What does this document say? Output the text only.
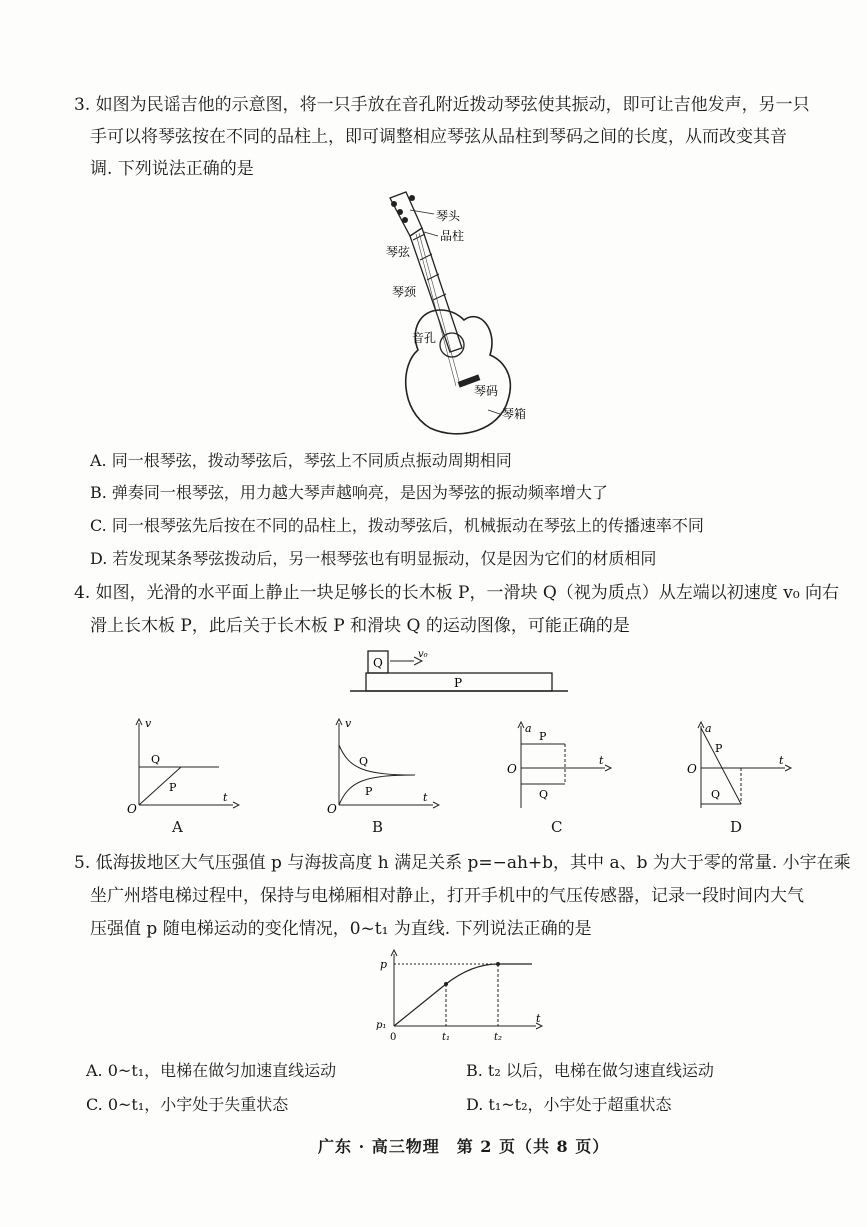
3. 如图为民谣吉他的示意图，将一只手放在音孔附近拨动琴弦使其振动，即可让吉他发声，另一只
手可以将琴弦按在不同的品柱上，即可调整相应琴弦从品柱到琴码之间的长度，从而改变其音
调. 下列说法正确的是
琴头
品柱
琴弦
琴颈
音孔
琴码
琴箱
A. 同一根琴弦，拨动琴弦后，琴弦上不同质点振动周期相同
B. 弹奏同一根琴弦，用力越大琴声越响亮，是因为琴弦的振动频率增大了
C. 同一根琴弦先后按在不同的品柱上，拨动琴弦后，机械振动在琴弦上的传播速率不同
D. 若发现某条琴弦拨动后，另一根琴弦也有明显振动，仅是因为它们的材质相同
4. 如图，光滑的水平面上静止一块足够长的长木板 P，一滑块 Q（视为质点）从左端以初速度 v₀ 向右
滑上长木板 P，此后关于长木板 P 和滑块 Q 的运动图像，可能正确的是
Q
v₀
P
v
O
t
Q
P
A
v
O
t
Q
P
B
a
O
t
P
Q
C
a
O
t
P
Q
D
5. 低海拔地区大气压强值 p 与海拔高度 h 满足关系 p=−ah+b，其中 a、b 为大于零的常量. 小宇在乘
坐广州塔电梯过程中，保持与电梯厢相对静止，打开手机中的气压传感器，记录一段时间内大气
压强值 p 随电梯运动的变化情况，0~t₁ 为直线. 下列说法正确的是
p
p₁
0	t₁	t₂
t
A. 0~t₁，电梯在做匀加速直线运动	B. t₂ 以后，电梯在做匀速直线运动
C. 0~t₁，小宇处于失重状态	D. t₁~t₂，小宇处于超重状态
广东 · 高三物理　第 2 页（共 8 页）
